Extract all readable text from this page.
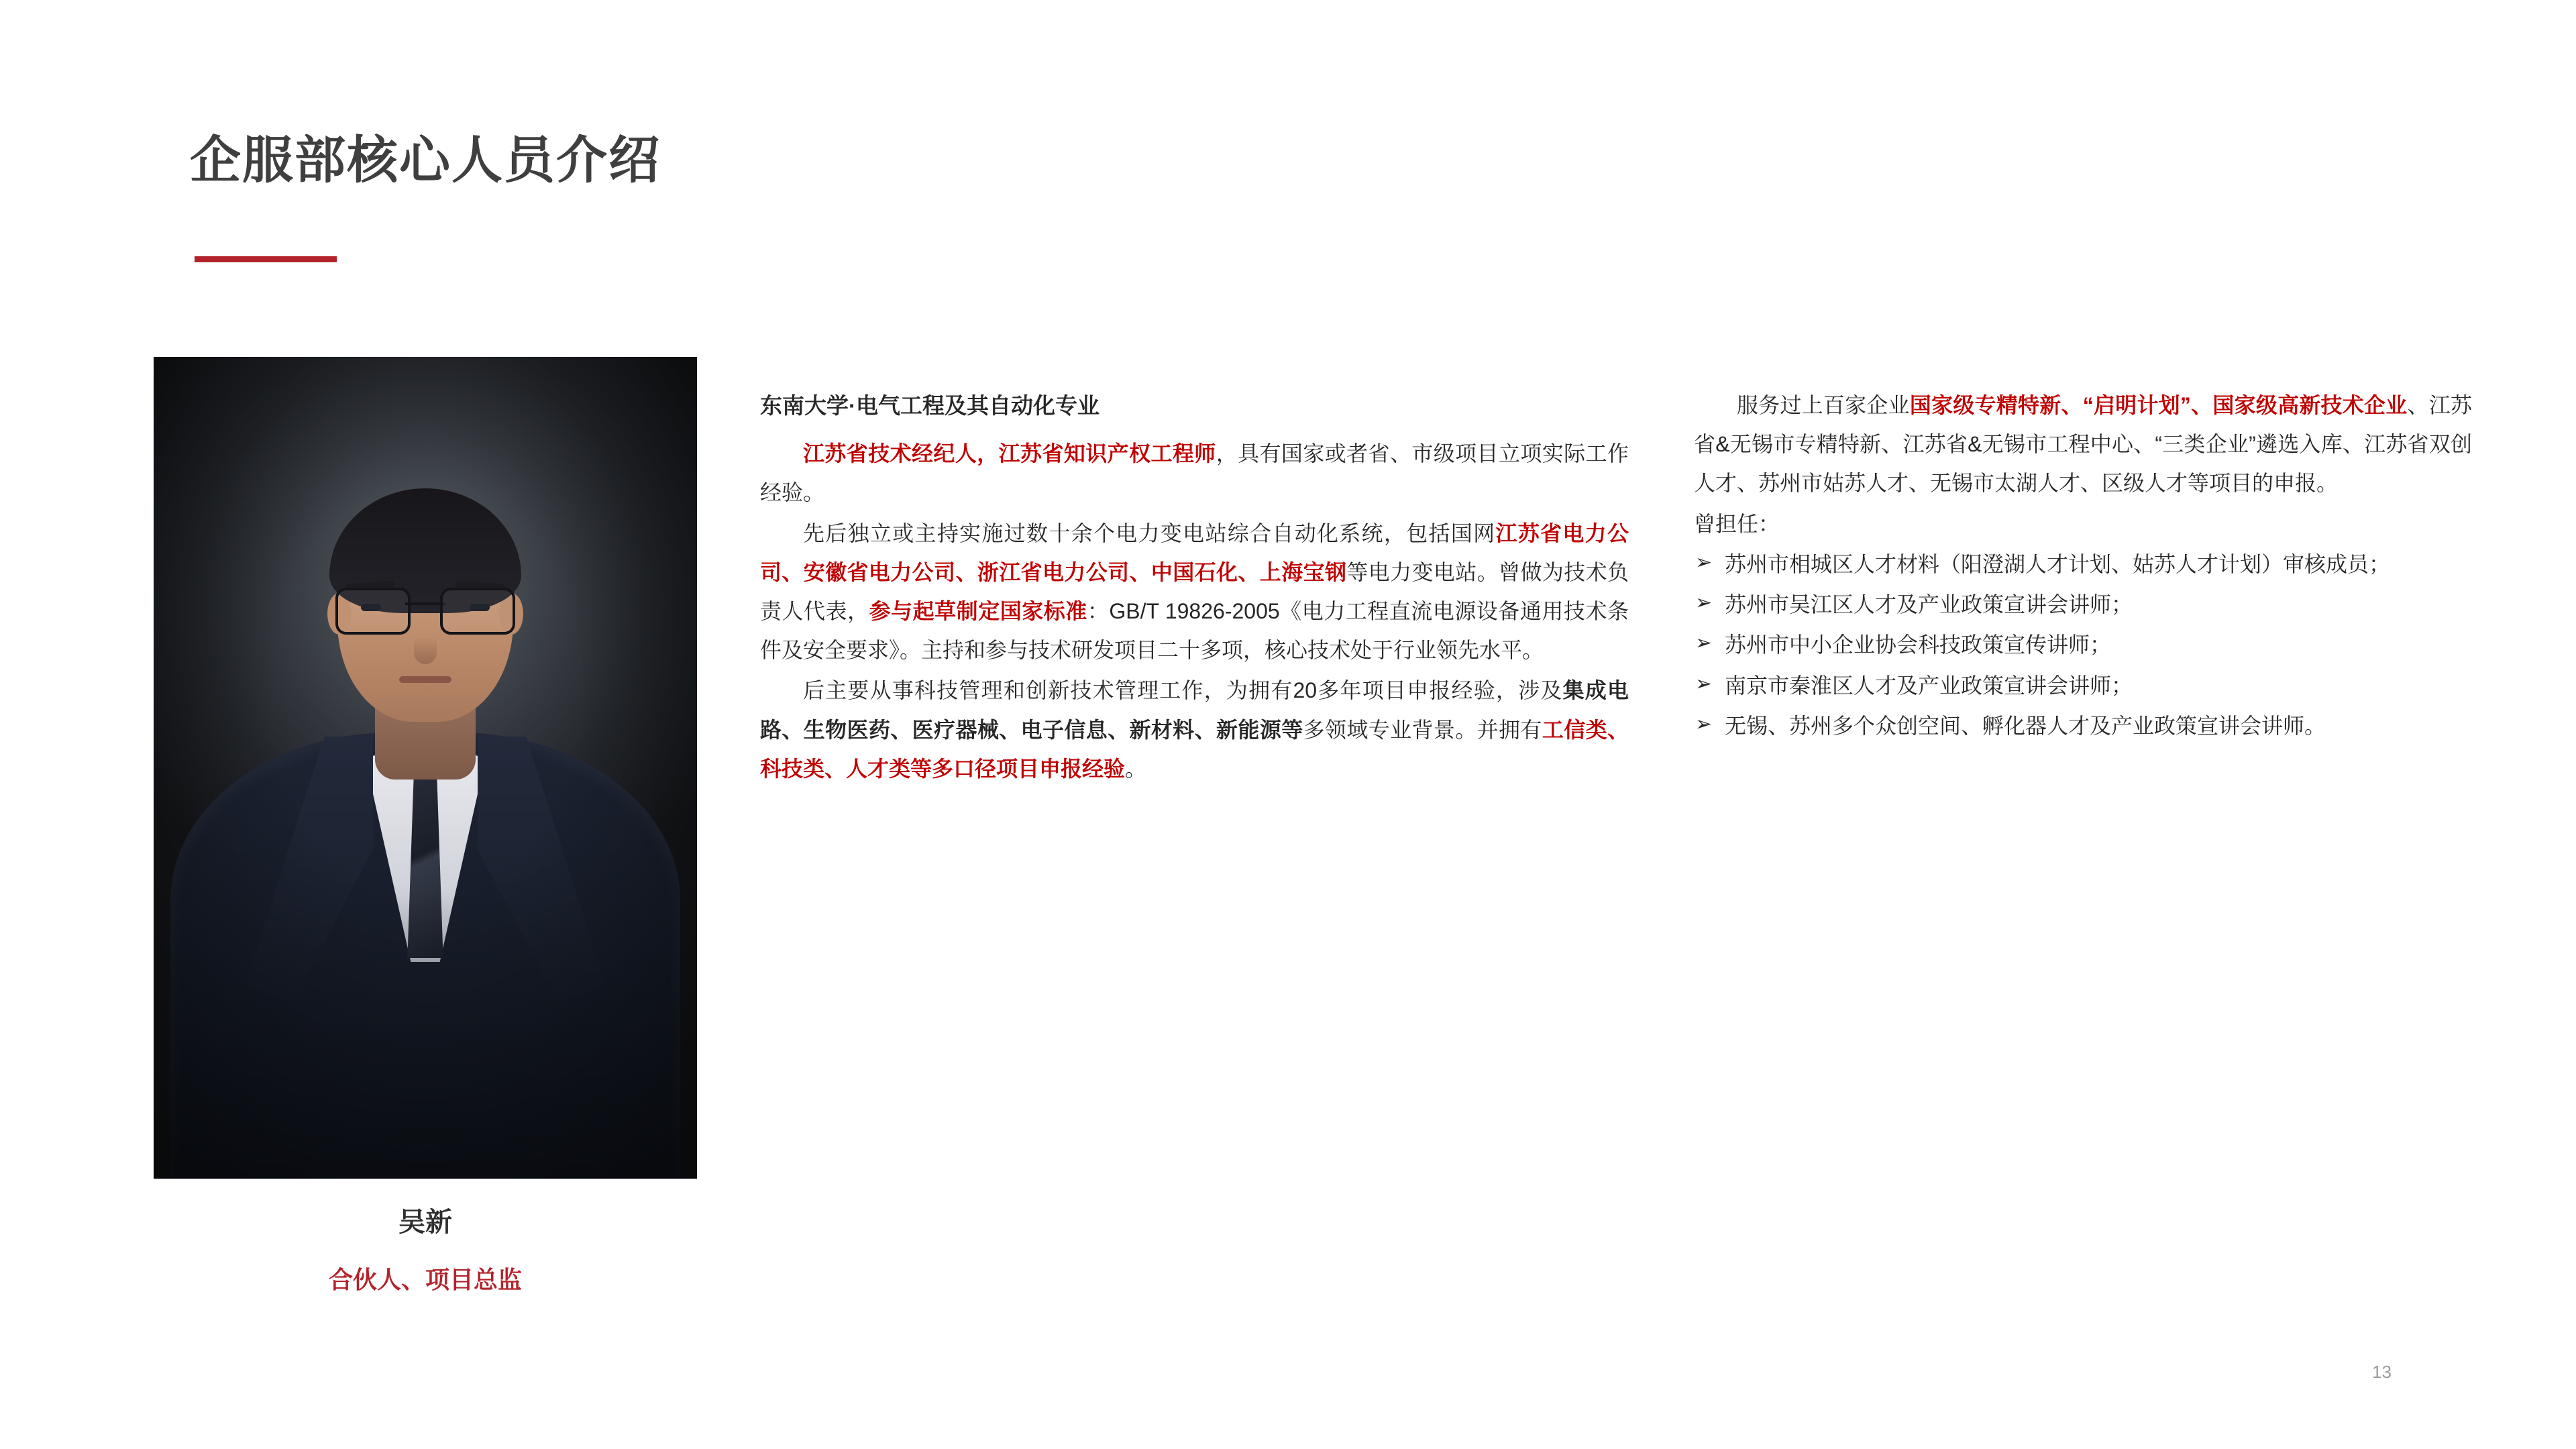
企服部核心人员介绍
吴新
合伙人、项目总监
东南大学·电气工程及其自动化专业

江苏省技术经纪人，江苏省知识产权工程师，具有国家或者省、市级项目立项实际工作经验。

先后独立或主持实施过数十余个电力变电站综合自动化系统，包括国网江苏省电力公司、安徽省电力公司、浙江省电力公司、中国石化、上海宝钢等电力变电站。曾做为技术负责人代表，参与起草制定国家标准：GB/T 19826-2005《电力工程直流电源设备通用技术条件及安全要求》。主持和参与技术研发项目二十多项，核心技术处于行业领先水平。

后主要从事科技管理和创新技术管理工作，为拥有20多年项目申报经验，涉及集成电路、生物医药、医疗器械、电子信息、新材料、新能源等多领域专业背景。并拥有工信类、科技类、人才类等多口径项目申报经验。

服务过上百家企业国家级专精特新、“启明计划”、国家级高新技术企业、江苏省&无锡市专精特新、江苏省&无锡市工程中心、“三类企业”遴选入库、江苏省双创人才、苏州市姑苏人才、无锡市太湖人才、区级人才等项目的申报。

曾担任：

➢ 苏州市相城区人才材料（阳澄湖人才计划、姑苏人才计划）审核成员；
➢ 苏州市吴江区人才及产业政策宣讲会讲师；
➢ 苏州市中小企业协会科技政策宣传讲师；
➢ 南京市秦淮区人才及产业政策宣讲会讲师；
➢ 无锡、苏州多个众创空间、孵化器人才及产业政策宣讲会讲师。
13
